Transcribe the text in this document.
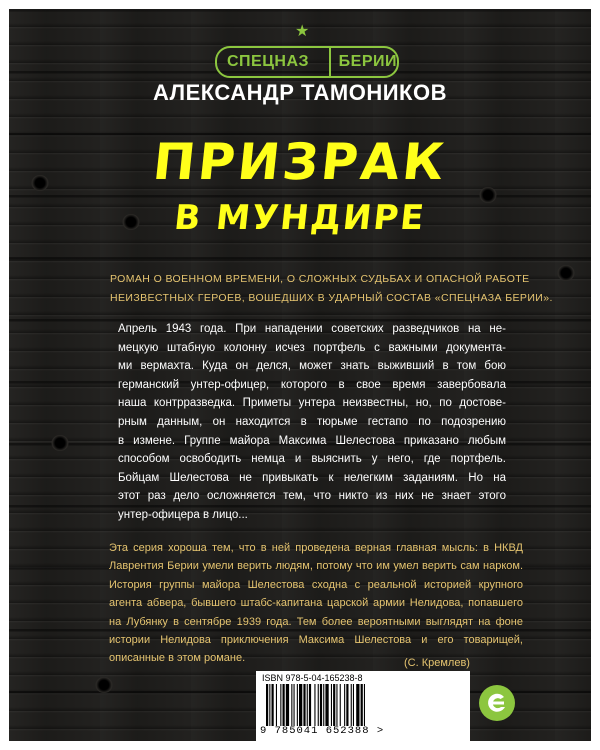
★
СПЕЦНАЗ	БЕРИИ
АЛЕКСАНДР ТАМОНИКОВ
ПРИЗРАК
В МУНДИРЕ
РОМАН О ВОЕННОМ ВРЕМЕНИ, О СЛОЖНЫХ СУДЬБАХ И ОПАСНОЙ РАБОТЕ
НЕИЗВЕСТНЫХ ГЕРОЕВ, ВОШЕДШИХ В УДАРНЫЙ СОСТАВ «СПЕЦНАЗА БЕРИИ».
Апрель 1943 года. При нападении советских разведчиков на не-
мецкую штабную колонну исчез портфель с важными документа-
ми вермахта. Куда он делся, может знать выживший в том бою
германский унтер-офицер, которого в свое время завербовала
наша контрразведка. Приметы унтера неизвестны, но, по достове-
рным данным, он находится в тюрьме гестапо по подозрению
в измене. Группе майора Максима Шелестова приказано любым
способом освободить немца и выяснить у него, где портфель.
Бойцам Шелестова не привыкать к нелегким заданиям. Но на
этот раз дело осложняется тем, что никто из них не знает этого
унтер-офицера в лицо...
Эта серия хороша тем, что в ней проведена верная главная мысль: в НКВД
Лаврентия Берии умели верить людям, потому что им умел верить сам нарком.
История группы майора Шелестова сходна с реальной историей крупного
агента абвера, бывшего штабс-капитана царской армии Нелидова, попавшего
на Лубянку в сентябре 1939 года. Тем более вероятными выглядят на фоне
истории Нелидова приключения Максима Шелестова и его товарищей,
описанные в этом романе.	(С. Кремлев)
ISBN 978-5-04-165238-8
9 785041 652388 >
